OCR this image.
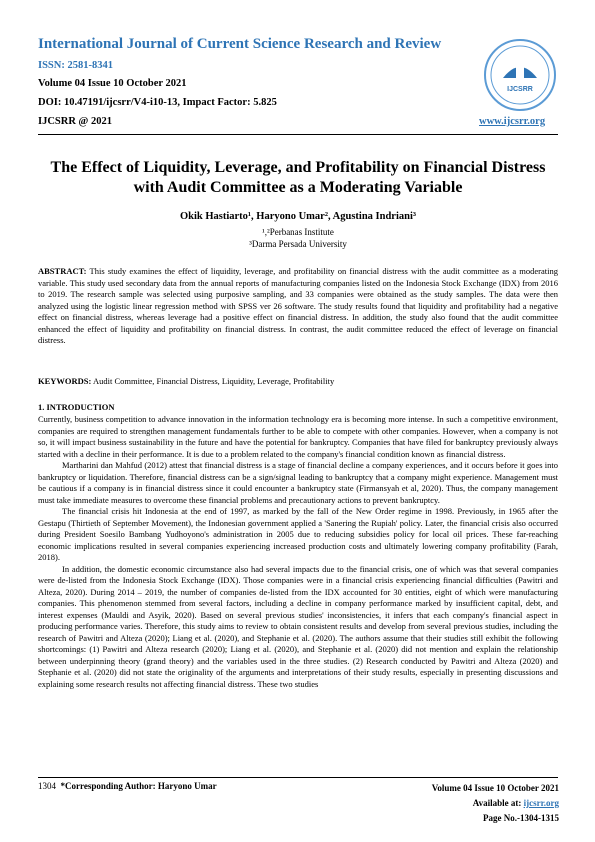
International Journal of Current Science Research and Review
ISSN: 2581-8341
Volume 04 Issue 10 October 2021
DOI: 10.47191/ijcsrr/V4-i10-13, Impact Factor: 5.825
IJCSRR @ 2021
IJCSRR
www.ijcsrr.org
The Effect of Liquidity, Leverage, and Profitability on Financial Distress
with Audit Committee as a Moderating Variable
Okik Hastiarto¹, Haryono Umar², Agustina Indriani³
¹,²Perbanas Institute
³Darma Persada University
ABSTRACT: This study examines the effect of liquidity, leverage, and profitability on financial distress with the audit committee as a moderating variable. This study used secondary data from the annual reports of manufacturing companies listed on the Indonesia Stock Exchange (IDX) from 2016 to 2019. The research sample was selected using purposive sampling, and 33 companies were obtained as the study samples. The data were then analyzed using the logistic linear regression method with SPSS ver 26 software. The study results found that liquidity and profitability had a negative effect on financial distress, whereas leverage had a positive effect on financial distress. In addition, the study also found that the audit committee enhanced the effect of liquidity and profitability on financial distress. In contrast, the audit committee reduced the effect of leverage on financial distress.
KEYWORDS: Audit Committee, Financial Distress, Liquidity, Leverage, Profitability
1. INTRODUCTION

Currently, business competition to advance innovation in the information technology era is becoming more intense. In such a competitive environment, companies are required to strengthen management fundamentals further to be able to compete with other companies. However, when a company is not so, it will impact business sustainability in the future and have the potential for bankruptcy. Companies that have filed for bankruptcy previously always started with a decline in their performance. It is due to a problem related to the company's financial condition known as financial distress.

Martharini dan Mahfud (2012) attest that financial distress is a stage of financial decline a company experiences, and it occurs before it goes into bankruptcy or liquidation. Therefore, financial distress can be a sign/signal leading to bankruptcy that a company might experience. Management must be cautious if a company is in financial distress since it could encounter a bankruptcy state (Firmansyah et al, 2020). Thus, the company management must take immediate measures to overcome these financial problems and precautionary actions to prevent bankruptcy.

The financial crisis hit Indonesia at the end of 1997, as marked by the fall of the New Order regime in 1998. Previously, in 1965 after the Gestapu (Thirtieth of September Movement), the Indonesian government applied a 'Sanering the Rupiah' policy. Later, the financial crisis also occurred during President Soesilo Bambang Yudhoyono's administration in 2005 due to reducing subsidies policy for local oil prices. These far-reaching economic implications resulted in several companies experiencing increased production costs and ultimately lowering company profitability (Farah, 2018).

In addition, the domestic economic circumstance also had several impacts due to the financial crisis, one of which was that several companies were de-listed from the Indonesia Stock Exchange (IDX). Those companies were in a financial crisis experiencing financial difficulties (Pawitri and Alteza, 2020). During 2014 – 2019, the number of companies de-listed from the IDX accounted for 30 entities, eight of which were manufacturing companies. This phenomenon stemmed from several factors, including a decline in company performance marked by insufficient capital, debt, and interest expenses (Mauldi and Asyik, 2020). Based on several previous studies' inconsistencies, it infers that each company's financial aspect in producing performance varies. Therefore, this study aims to review to obtain consistent results and develop from several previous studies, including the research of Pawitri and Alteza (2020); Liang et al. (2020), and Stephanie et al. (2020). The authors assume that their studies still exhibit the following shortcomings: (1) Pawitri and Alteza research (2020); Liang et al. (2020), and Stephanie et al. (2020) did not mention and explain the relationship between underpinning theory (grand theory) and the variables used in the three studies. (2) Research conducted by Pawitri and Alteza (2020) and Stephanie et al. (2020) did not state the originality of the arguments and interpretations of their study results, especially in presenting discussions and explaining some research results not affecting financial distress. These two studies

1304 *Corresponding Author: Haryono Umar	Volume 04 Issue 10 October 2021
Available at: ijcsrr.org
Page No.-1304-1315
